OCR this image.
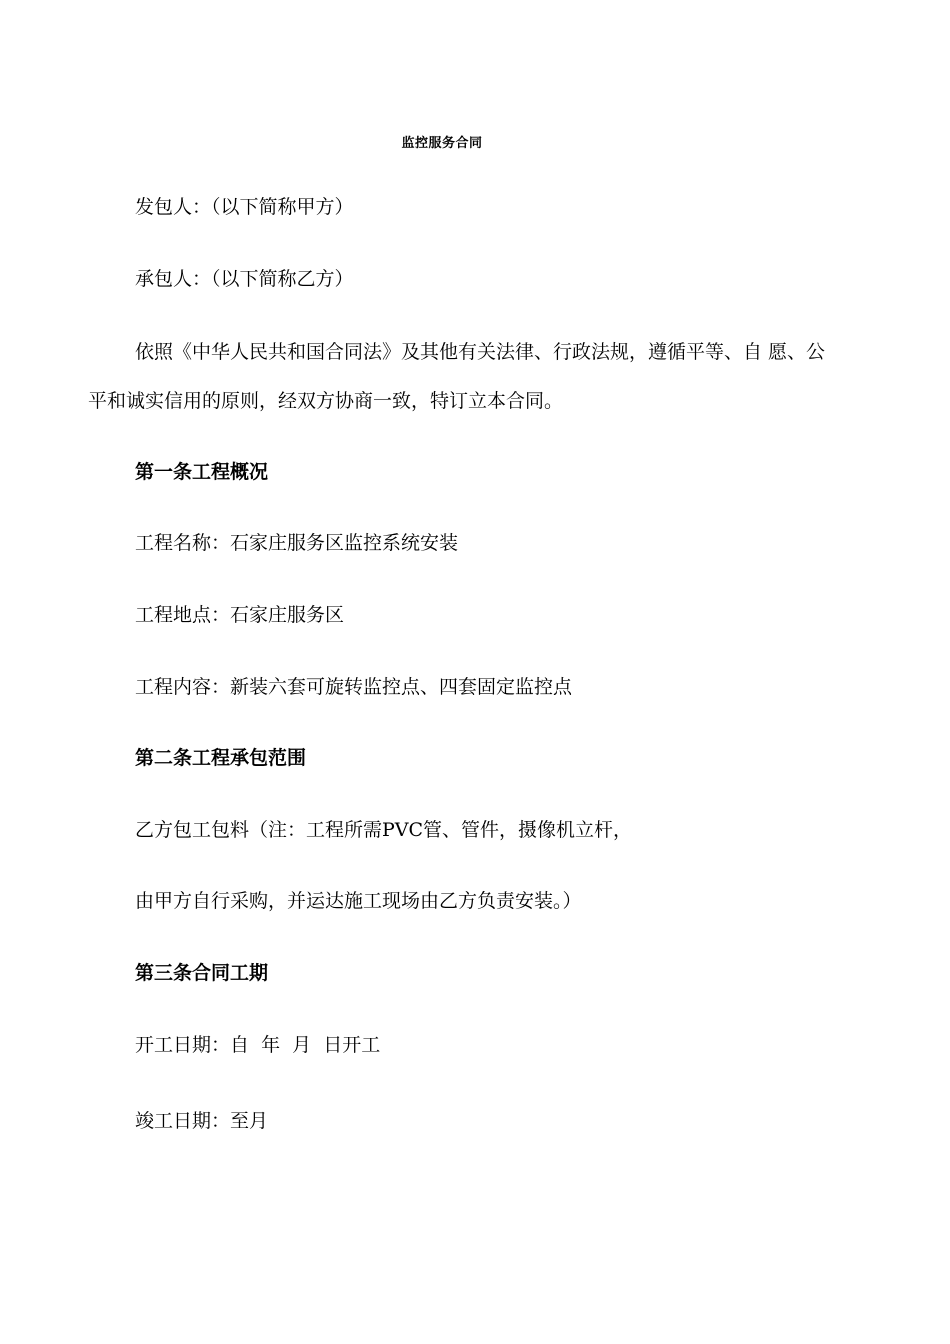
监控服务合同

发包人：（以下简称甲方）

承包人：（以下简称乙方）

依照《中华人民共和国合同法》及其他有关法律、行政法规，遵循平等、自 愿、公

平和诚实信用的原则，经双方协商一致，特订立本合同。

第一条工程概况

工程名称：石家庄服务区监控系统安装

工程地点：石家庄服务区

工程内容：新装六套可旋转监控点、四套固定监控点

第二条工程承包范围

乙方包工包料（注：工程所需PVC管、管件，摄像机立杆，

由甲方自行采购，并运达施工现场由乙方负责安装。）

第三条合同工期

开工日期：自  年  月  日开工

竣工日期：至月
